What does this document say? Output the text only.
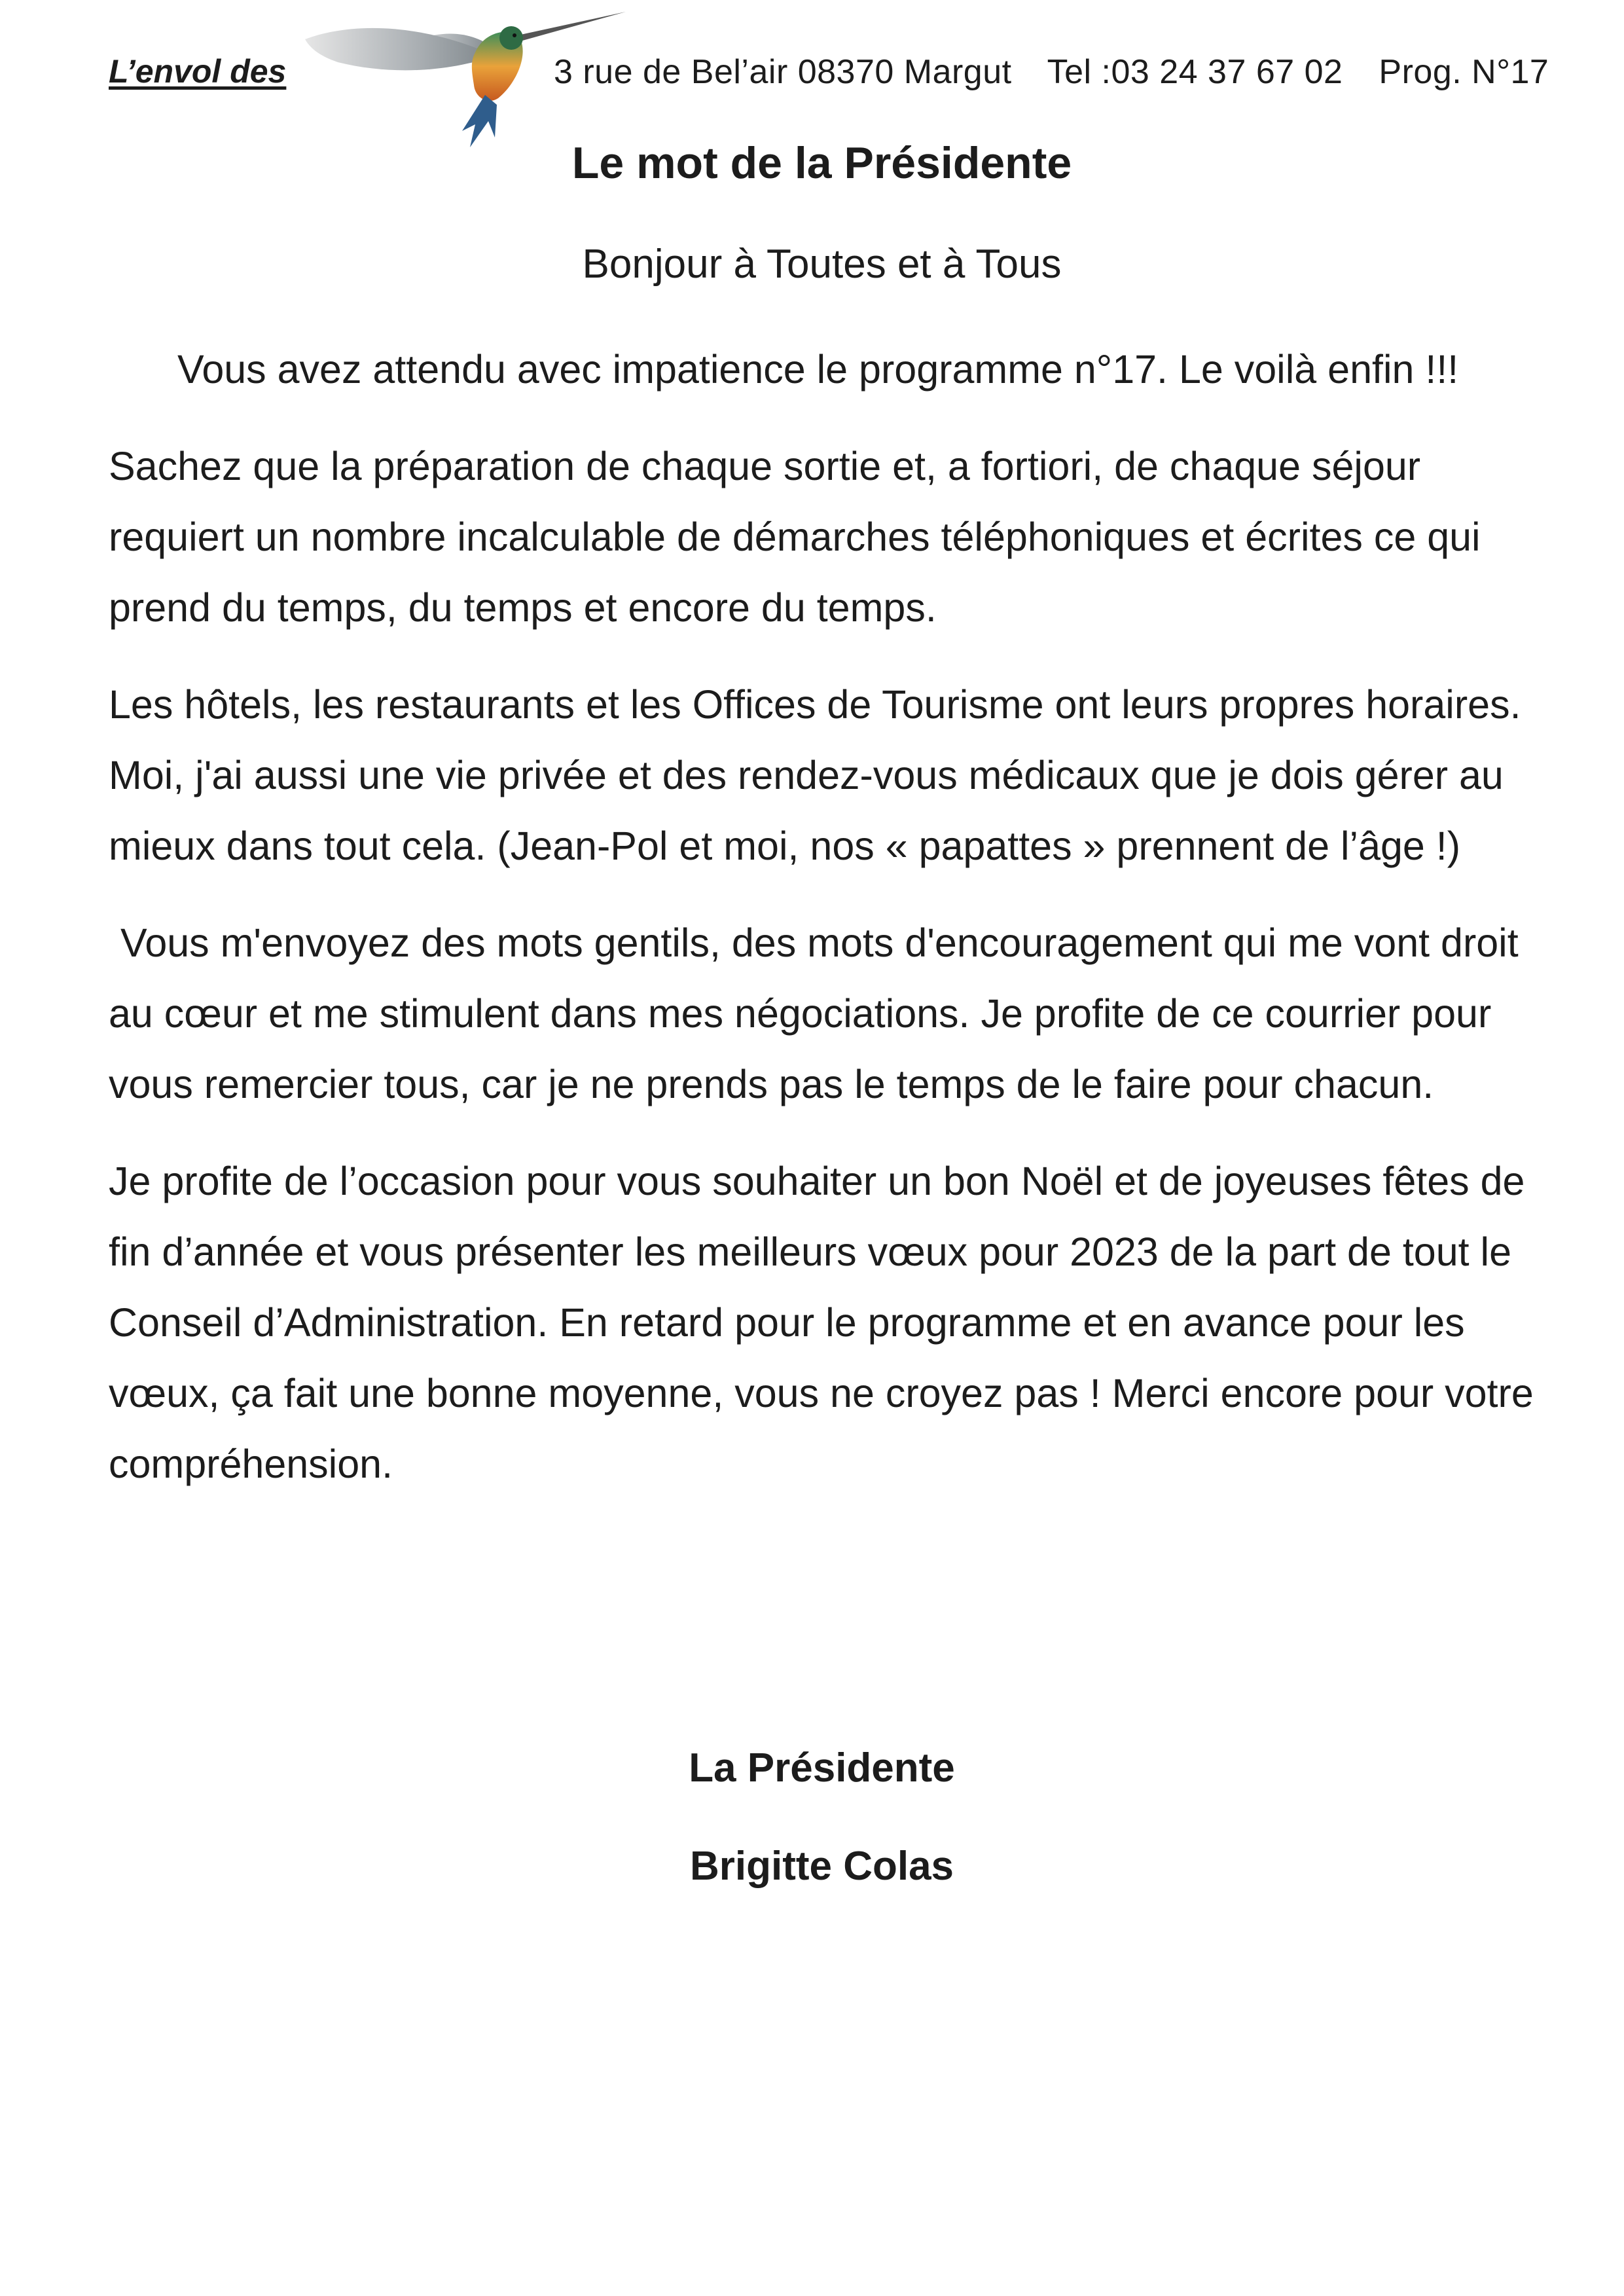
L’envol des	3 rue de Bel’air 08370 Margut Tel :03 24 37 67 02 Prog. N°17
Le mot de la Présidente
Bonjour à Toutes et à Tous

Vous avez attendu avec impatience le programme n°17. Le voilà enfin !!!

Sachez que la préparation de chaque sortie et, a fortiori, de chaque séjour requiert un nombre incalculable de démarches téléphoniques et écrites ce qui prend du temps, du temps et encore du temps.

Les hôtels, les restaurants et les Offices de Tourisme ont leurs propres horaires. Moi, j'ai aussi une vie privée et des rendez-vous médicaux que je dois gérer au mieux dans tout cela. (Jean-Pol et moi, nos « papattes » prennent de l’âge !)

Vous m'envoyez des mots gentils, des mots d'encouragement qui me vont droit au cœur et me stimulent dans mes négociations. Je profite de ce courrier pour vous remercier tous, car je ne prends pas le temps de le faire pour chacun.

Je profite de l’occasion pour vous souhaiter un bon Noël et de joyeuses fêtes de fin d’année et vous présenter les meilleurs vœux pour 2023 de la part de tout le Conseil d’Administration. En retard pour le programme et en avance pour les vœux, ça fait une bonne moyenne, vous ne croyez pas ! Merci encore pour votre compréhension.

La Présidente
Brigitte Colas
